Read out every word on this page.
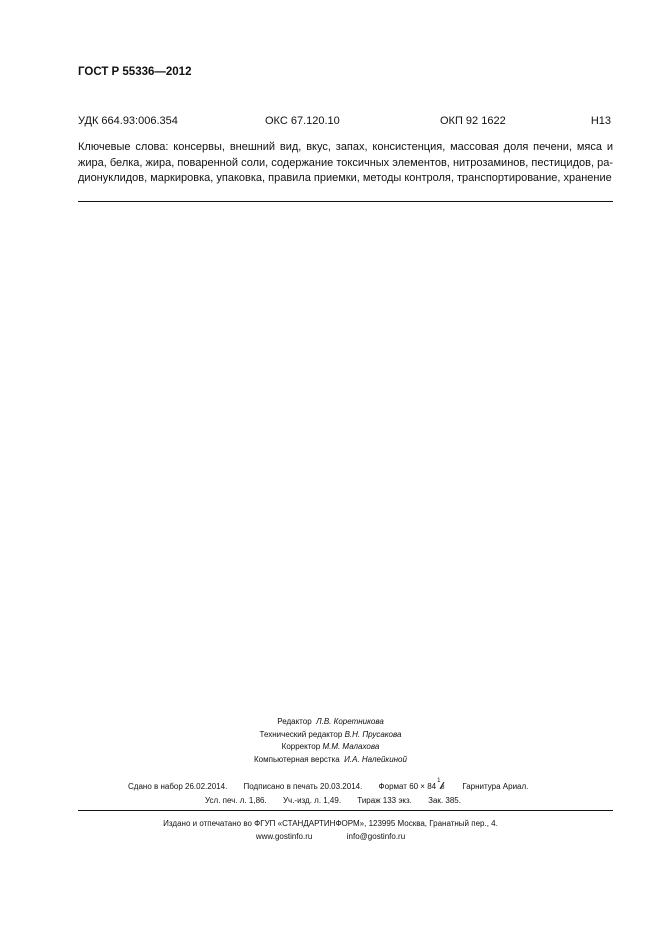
ГОСТ Р 55336—2012
УДК 664.93:006.354	ОКС 67.120.10	ОКП 92 1622	Н13
Ключевые слова: консервы, внешний вид, вкус, запах, консистенция, массовая доля печени, мяса и
жира, белка, жира, поваренной соли, содержание токсичных элементов, нитрозаминов, пестицидов, ра-
дионуклидов, маркировка, упаковка, правила приемки, методы контроля, транспортирование, хранение
Редактор Л.В. Коретникова
Технический редактор В.Н. Прусакова
Корректор М.М. Малахова
Компьютерная верстка И.А. Налейкиной
Сдано в набор 26.02.2014. Подписано в печать 20.03.2014. Формат 60 × 84
1
8 Гарнитура Ариал.
Усл. печ. л. 1,86. Уч.-изд. л. 1,49. Тираж 133 экз. Зак. 385.
Издано и отпечатано во ФГУП «СТАНДАРТИНФОРМ», 123995 Москва, Гранатный пер., 4.
www.gostinfo.ru	info@gostinfo.ru
